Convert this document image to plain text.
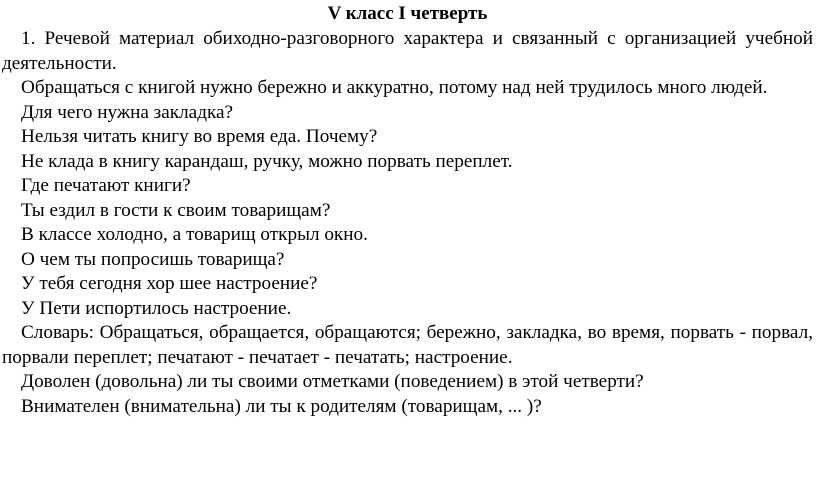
V класс I четверть

1. Речевой материал обиходно-разговорного характера и связанный с организацией учебной деятельности.

Обращаться с книгой нужно бережно и аккуратно, потому над ней трудилось много людей.

Для чего нужна закладка?

Нельзя читать книгу во время еда. Почему?

Не клада в книгу карандаш, ручку, можно порвать переплет.

Где печатают книги?

Ты ездил в гости к своим товарищам?

В классе холодно, а товарищ открыл окно.

О чем ты попросишь товарища?

У тебя сегодня хор шее настроение?

У Пети испортилось настроение.

Словарь: Обращаться, обращается, обращаются; бережно, закладка, во время, порвать - порвал, порвали переплет; печатают - печатает - печатать; настроение.

Доволен (довольна) ли ты своими отметками (поведением) в этой четверти?

Внимателен (внимательна) ли ты к родителям (товарищам, ... )?
